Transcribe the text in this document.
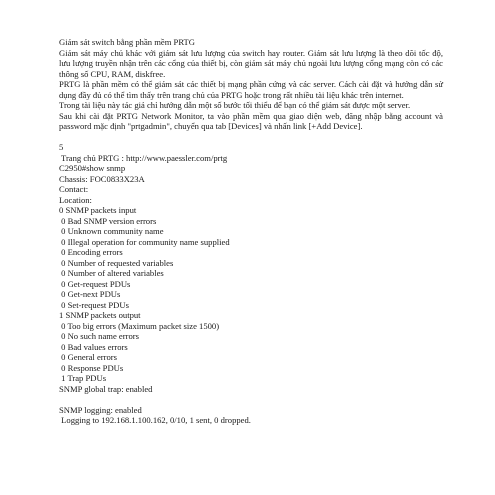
Giám sát switch bằng phần mềm PRTG

Giám sát máy chủ khác với giám sát lưu lượng của switch hay router. Giám sát lưu lượng là theo dõi tốc độ, lưu lượng truyền nhận trên các cổng của thiết bị, còn giám sát máy chủ ngoài lưu lượng cổng mạng còn có các thông số CPU, RAM, diskfree.

PRTG là phần mềm có thể giám sát các thiết bị mạng phần cứng và các server. Cách cài đặt và hướng dẫn sử dụng đầy đủ có thể tìm thấy trên trang chủ của PRTG hoặc trong rất nhiều tài liệu khác trên internet.

Trong tài liệu này tác giả chỉ hướng dẫn một số bước tối thiểu để bạn có thể giám sát được một server.

Sau khi cài đặt PRTG Network Monitor, ta vào phần mềm qua giao diện web, đăng nhập bằng account và password mặc định "prtgadmin", chuyển qua tab [Devices] và nhấn link [+Add Device].

5

Trang chủ PRTG : http://www.paessler.com/prtg

C2950#show snmp

Chassis: FOC0833X23A

Contact:

Location:

0 SNMP packets input

0 Bad SNMP version errors

0 Unknown community name

0 Illegal operation for community name supplied

0 Encoding errors

0 Number of requested variables

0 Number of altered variables

0 Get-request PDUs

0 Get-next PDUs

0 Set-request PDUs

1 SNMP packets output

0 Too big errors (Maximum packet size 1500)

0 No such name errors

0 Bad values errors

0 General errors

0 Response PDUs

1 Trap PDUs

SNMP global trap: enabled

SNMP logging: enabled

Logging to 192.168.1.100.162, 0/10, 1 sent, 0 dropped.
